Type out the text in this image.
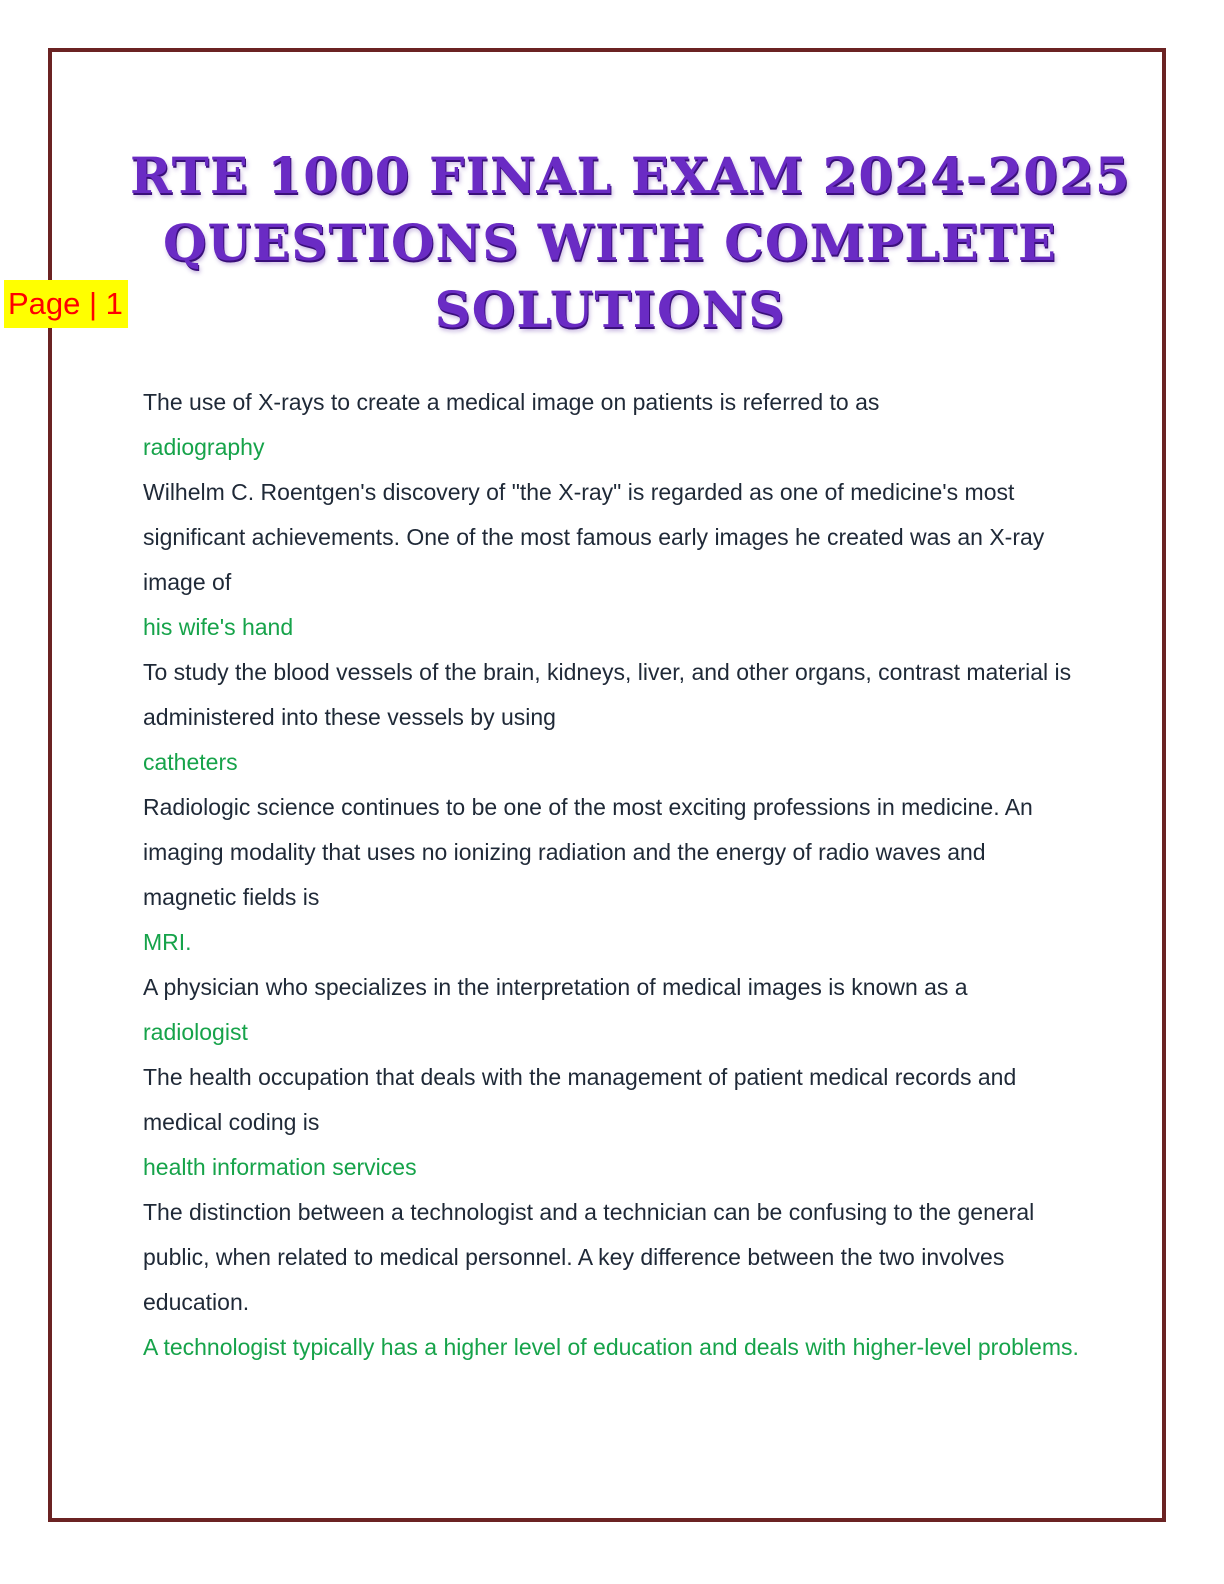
Page | 1
RTE 1000 FINAL EXAM 2024-2025
QUESTIONS WITH COMPLETE
SOLUTIONS

The use of X-rays to create a medical image on patients is referred to as

radiography

Wilhelm C. Roentgen's discovery of "the X-ray" is regarded as one of medicine's most significant achievements. One of the most famous early images he created was an X-ray image of

his wife's hand

To study the blood vessels of the brain, kidneys, liver, and other organs, contrast material is administered into these vessels by using

catheters

Radiologic science continues to be one of the most exciting professions in medicine. An imaging modality that uses no ionizing radiation and the energy of radio waves and magnetic fields is

MRI.

A physician who specializes in the interpretation of medical images is known as a

radiologist

The health occupation that deals with the management of patient medical records and medical coding is

health information services

The distinction between a technologist and a technician can be confusing to the general public, when related to medical personnel. A key difference between the two involves education.

A technologist typically has a higher level of education and deals with higher-level problems.
